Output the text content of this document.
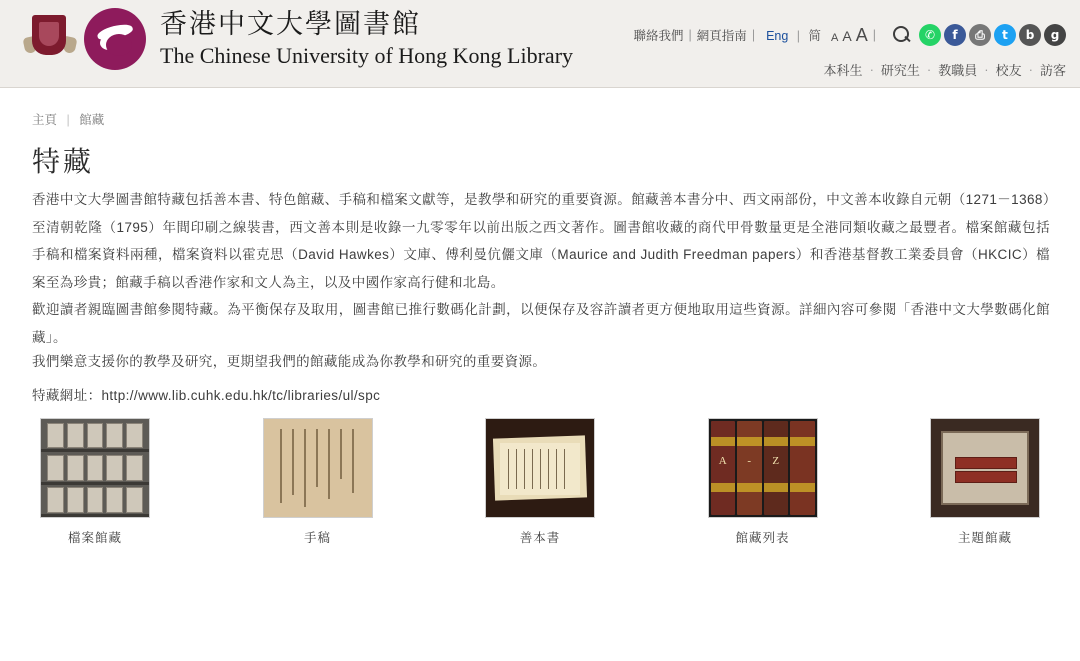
香港中文大學圖書館
The Chinese University of Hong Kong Library
聯絡我們 | 網頁指南 | Eng | 简 A A A |	✆	f	⎙	t	b	g
本科生 · 研究生 · 教職員 · 校友 · 訪客
主頁 | 館藏
特藏
香港中文大學圖書館特藏包括善本書、特色館藏、手稿和檔案文獻等，是教學和研究的重要資源。館藏善本書分中、西文兩部份，中文善本收錄自元朝（1271－1368）至清朝乾隆（1795）年間印刷之線裝書，西文善本則是收錄一九零零年以前出版之西文著作。圖書館收藏的商代甲骨數量更是全港同類收藏之最豐者。檔案館藏包括手稿和檔案資料兩種，檔案資料以霍克思（David Hawkes）文庫、傅利曼伉儷文庫（Maurice and Judith Freedman papers）和香港基督教工業委員會（HKCIC）檔案至為珍貴；館藏手稿以香港作家和文人為主，以及中國作家高行健和北島。
歡迎讀者親臨圖書館參閱特藏。為平衡保存及取用，圖書館已推行數碼化計劃，以便保存及容許讀者更方便地取用這些資源。詳細內容可參閱「香港中文大學數碼化館藏」。
我們樂意支援你的教學及研究，更期望我們的館藏能成為你教學和研究的重要資源。
特藏網址：http://www.lib.cuhk.edu.hk/tc/libraries/ul/spc
檔案館藏	手稿	善本書
A	-	Z
館藏列表	主題館藏
